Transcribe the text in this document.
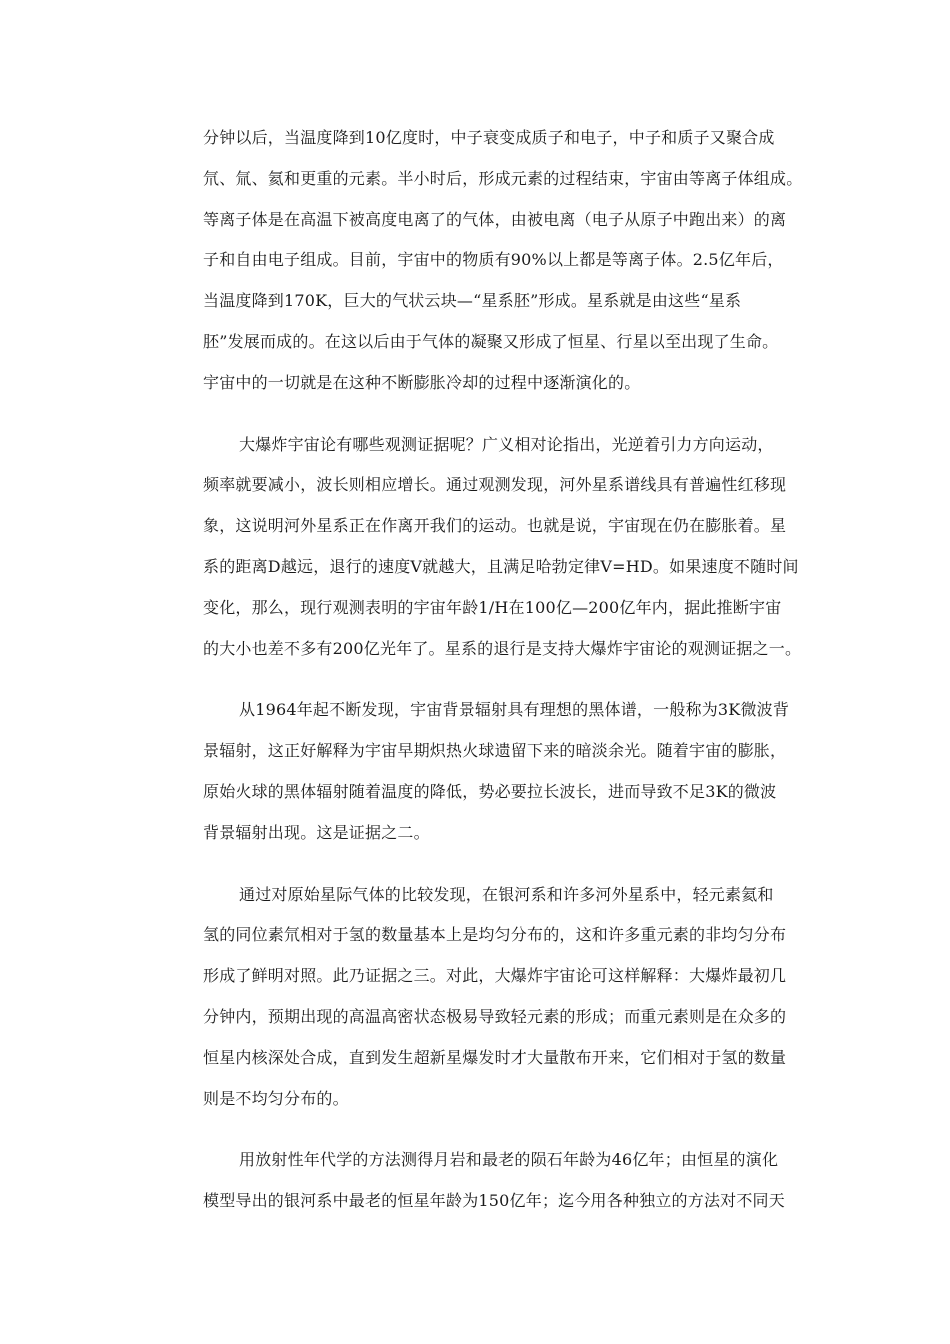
分钟以后，当温度降到10亿度时，中子衰变成质子和电子，中子和质子又聚合成
氘、氚、氦和更重的元素。半小时后，形成元素的过程结束，宇宙由等离子体组成。
等离子体是在高温下被高度电离了的气体，由被电离（电子从原子中跑出来）的离
子和自由电子组成。目前，宇宙中的物质有90%以上都是等离子体。2.5亿年后，
当温度降到170K，巨大的气状云块—“星系胚”形成。星系就是由这些“星系
胚”发展而成的。在这以后由于气体的凝聚又形成了恒星、行星以至出现了生命。
宇宙中的一切就是在这种不断膨胀冷却的过程中逐渐演化的。
大爆炸宇宙论有哪些观测证据呢？广义相对论指出，光逆着引力方向运动，
频率就要减小，波长则相应增长。通过观测发现，河外星系谱线具有普遍性红移现
象，这说明河外星系正在作离开我们的运动。也就是说，宇宙现在仍在膨胀着。星
系的距离D越远，退行的速度V就越大，且满足哈勃定律V=HD。如果速度不随时间
变化，那么，现行观测表明的宇宙年龄1/H在100亿—200亿年内，据此推断宇宙
的大小也差不多有200亿光年了。星系的退行是支持大爆炸宇宙论的观测证据之一。
从1964年起不断发现，宇宙背景辐射具有理想的黑体谱，一般称为3K微波背
景辐射，这正好解释为宇宙早期炽热火球遗留下来的暗淡余光。随着宇宙的膨胀，
原始火球的黑体辐射随着温度的降低，势必要拉长波长，进而导致不足3K的微波
背景辐射出现。这是证据之二。
通过对原始星际气体的比较发现，在银河系和许多河外星系中，轻元素氦和
氢的同位素氘相对于氢的数量基本上是均匀分布的，这和许多重元素的非均匀分布
形成了鲜明对照。此乃证据之三。对此，大爆炸宇宙论可这样解释：大爆炸最初几
分钟内，预期出现的高温高密状态极易导致轻元素的形成；而重元素则是在众多的
恒星内核深处合成，直到发生超新星爆发时才大量散布开来，它们相对于氢的数量
则是不均匀分布的。
用放射性年代学的方法测得月岩和最老的陨石年龄为46亿年；由恒星的演化
模型导出的银河系中最老的恒星年龄为150亿年；迄今用各种独立的方法对不同天
